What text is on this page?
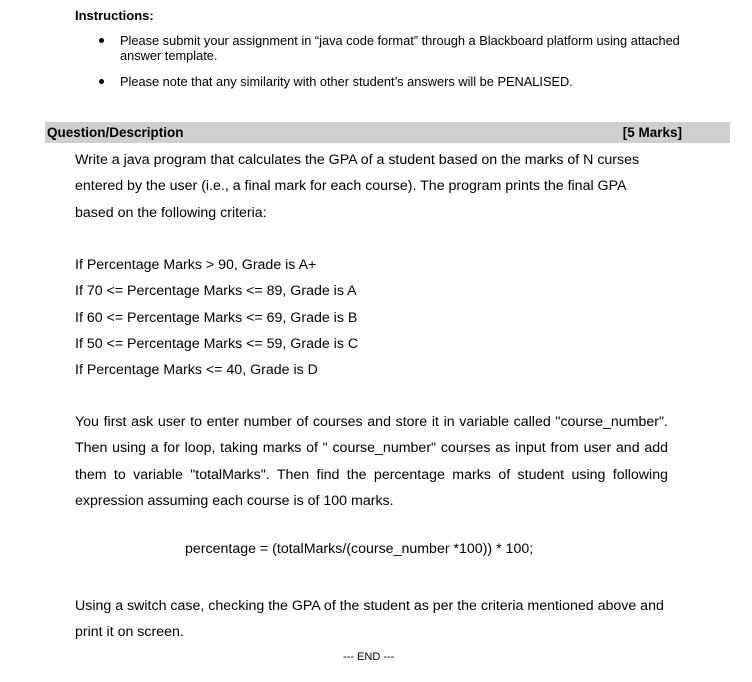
Instructions:
Please submit your assignment in “java code format” through a Blackboard platform using attached answer template.
Please note that any similarity with other student’s answers will be PENALISED.
Question/Description	[5 Marks]

Write a java program that calculates the GPA of a student based on the marks of N curses entered by the user (i.e., a final mark for each course). The program prints the final GPA based on the following criteria:

If Percentage Marks > 90, Grade is A+
If 70 <= Percentage Marks <= 89, Grade is A
If 60 <= Percentage Marks <= 69, Grade is B
If 50 <= Percentage Marks <= 59, Grade is C
If Percentage Marks <= 40, Grade is D

You first ask user to enter number of courses and store it in variable called "course_number". Then using a for loop, taking marks of " course_number" courses as input from user and add them to variable "totalMarks". Then find the percentage marks of student using following expression assuming each course is of 100 marks.

percentage = (totalMarks/(course_number *100)) * 100;

Using a switch case, checking the GPA of the student as per the criteria mentioned above and print it on screen.

--- END ---
